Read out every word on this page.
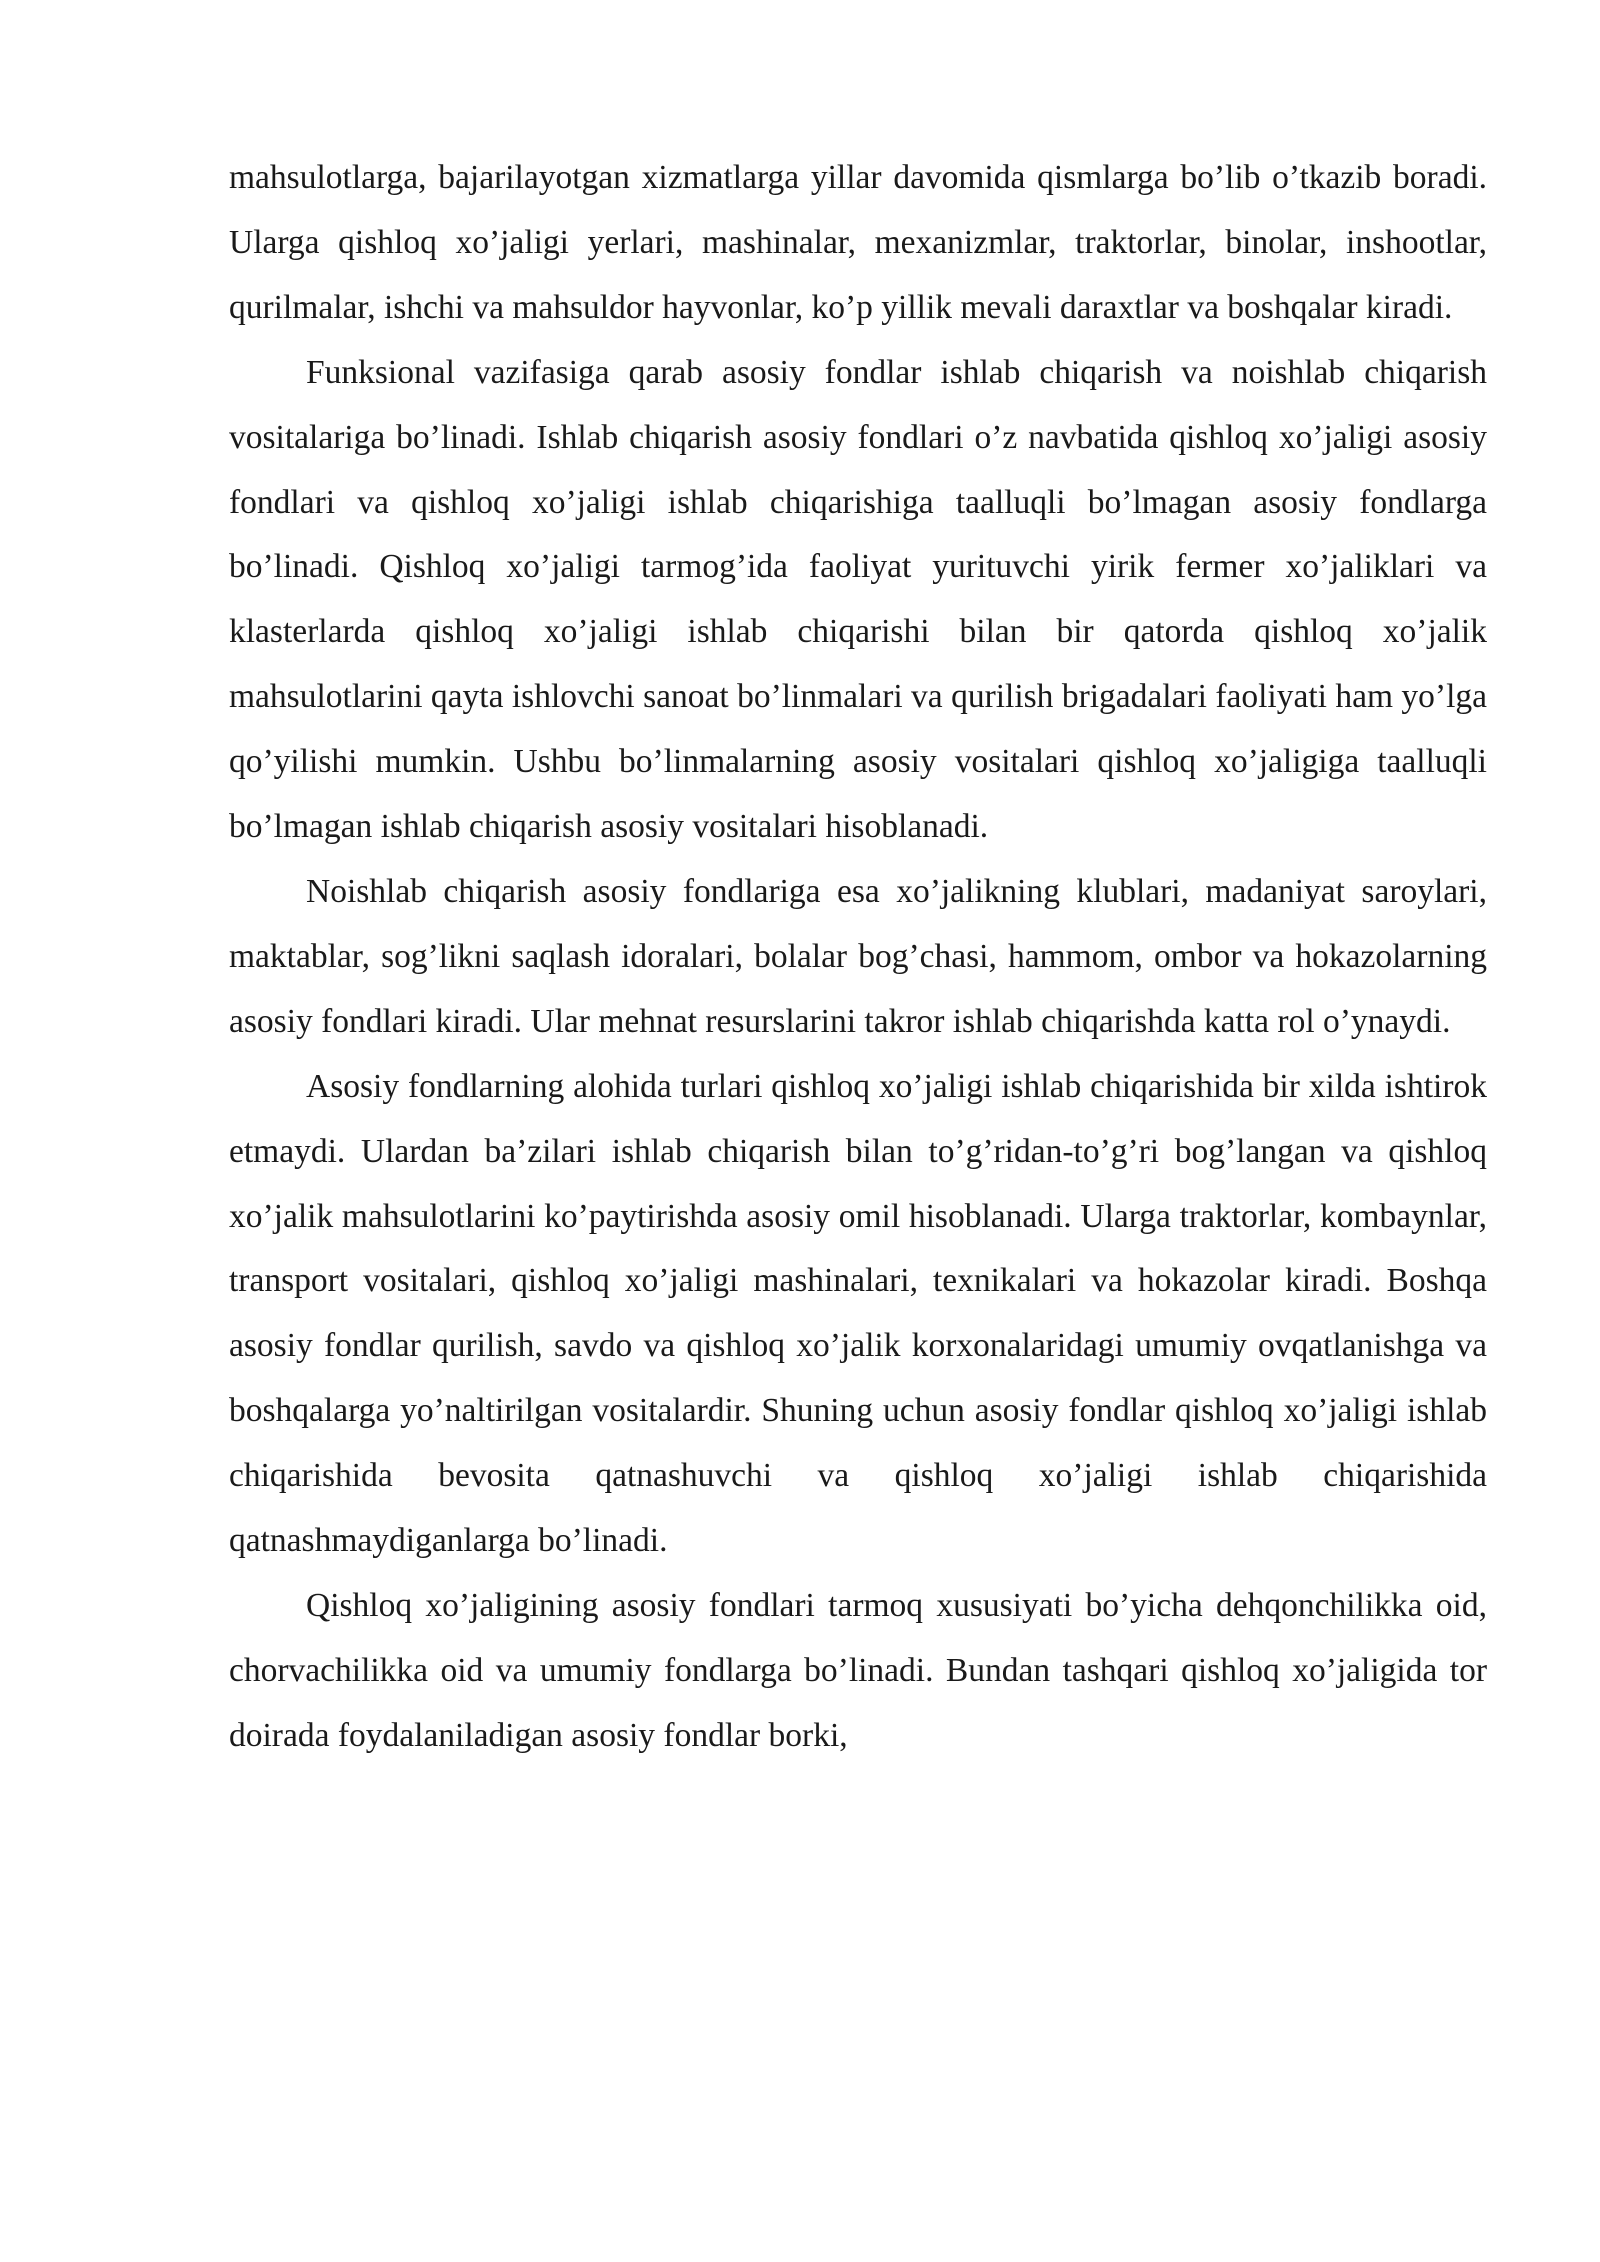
mahsulotlarga, bajarilayotgan xizmatlarga yillar davomida qismlarga bo’lib o’tkazib boradi. Ularga qishloq xo’jaligi yerlari, mashinalar, mexanizmlar, traktorlar, binolar, inshootlar, qurilmalar, ishchi va mahsuldor hayvonlar, ko’p yillik mevali daraxtlar va boshqalar kiradi.

Funksional vazifasiga qarab asosiy fondlar ishlab chiqarish va noishlab chiqarish vositalariga bo’linadi. Ishlab chiqarish asosiy fondlari o’z navbatida qishloq xo’jaligi asosiy fondlari va qishloq xo’jaligi ishlab chiqarishiga taalluqli bo’lmagan asosiy fondlarga bo’linadi. Qishloq xo’jaligi tarmog’ida faoliyat yurituvchi yirik fermer xo’jaliklari va klasterlarda qishloq xo’jaligi ishlab chiqarishi bilan bir qatorda qishloq xo’jalik mahsulotlarini qayta ishlovchi sanoat bo’linmalari va qurilish brigadalari faoliyati ham yo’lga qo’yilishi mumkin. Ushbu bo’linmalarning asosiy vositalari qishloq xo’jaligiga taalluqli bo’lmagan ishlab chiqarish asosiy vositalari hisoblanadi.

Noishlab chiqarish asosiy fondlariga esa xo’jalikning klublari, madaniyat saroylari, maktablar, sog’likni saqlash idoralari, bolalar bog’chasi, hammom, ombor va hokazolarning asosiy fondlari kiradi. Ular mehnat resurslarini takror ishlab chiqarishda katta rol o’ynaydi.

Asosiy fondlarning alohida turlari qishloq xo’jaligi ishlab chiqarishida bir xilda ishtirok etmaydi. Ulardan ba’zilari ishlab chiqarish bilan to’g’ridan-to’g’ri bog’langan va qishloq xo’jalik mahsulotlarini ko’paytirishda asosiy omil hisoblanadi. Ularga traktorlar, kombaynlar, transport vositalari, qishloq xo’jaligi mashinalari, texnikalari va hokazolar kiradi. Boshqa asosiy fondlar qurilish, savdo va qishloq xo’jalik korxonalaridagi umumiy ovqatlanishga va boshqalarga yo’naltirilgan vositalardir. Shuning uchun asosiy fondlar qishloq xo’jaligi ishlab chiqarishida bevosita qatnashuvchi va qishloq xo’jaligi ishlab chiqarishida qatnashmaydiganlarga bo’linadi.

Qishloq xo’jaligining asosiy fondlari tarmoq xususiyati bo’yicha dehqonchilikka oid, chorvachilikka oid va umumiy fondlarga bo’linadi. Bundan tashqari qishloq xo’jaligida tor doirada foydalaniladigan asosiy fondlar borki,
